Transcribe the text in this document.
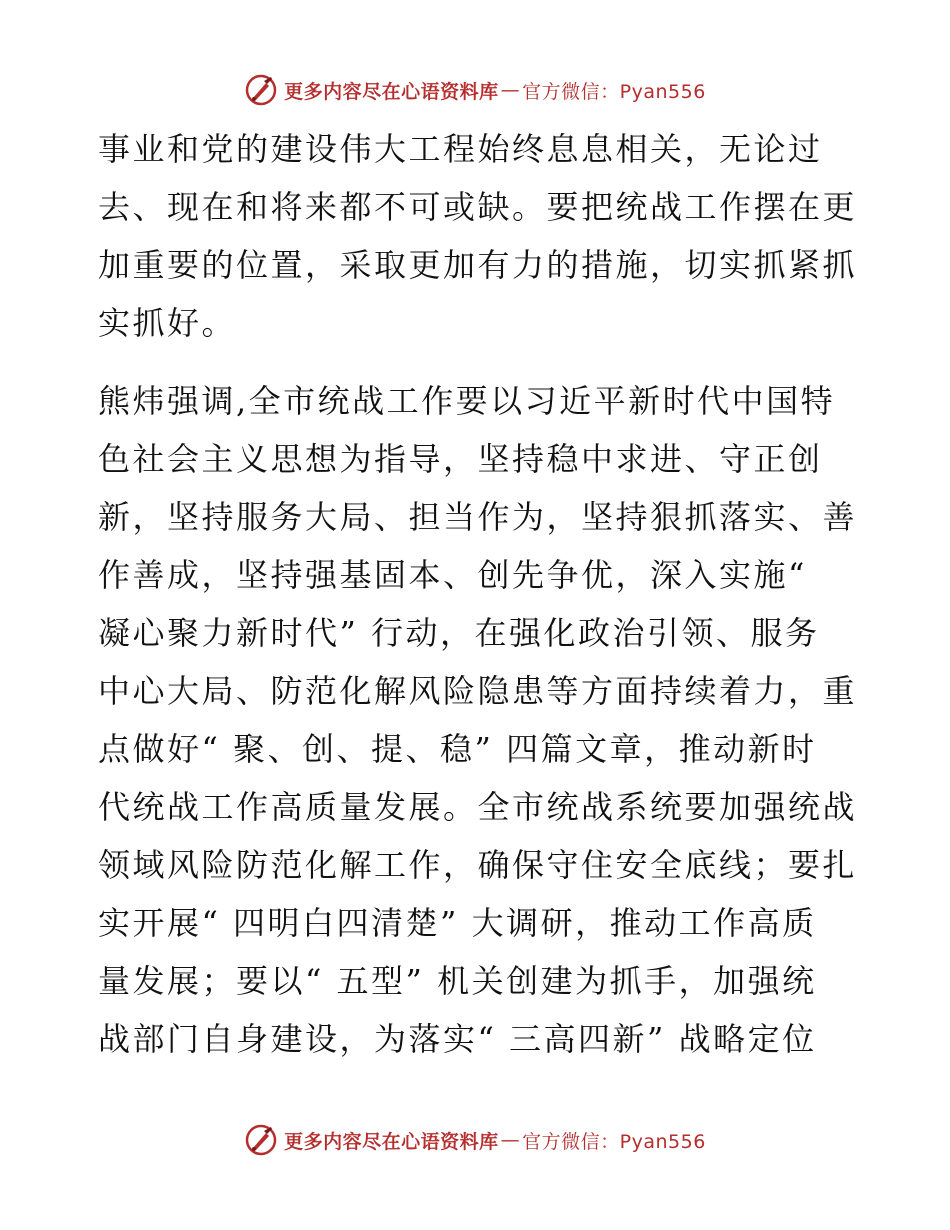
更多内容尽在心语资料库 — 官方微信：Pyan556
事业和党的建设伟大工程始终息息相关，无论过
去、现在和将来都不可或缺。要把统战工作摆在更
加重要的位置，采取更加有力的措施，切实抓紧抓
实抓好。
熊炜强调,全市统战工作要以习近平新时代中国特
色社会主义思想为指导，坚持稳中求进、守正创
新，坚持服务大局、担当作为，坚持狠抓落实、善
作善成，坚持强基固本、创先争优，深入实施“
凝心聚力新时代” 行动，在强化政治引领、服务
中心大局、防范化解风险隐患等方面持续着力，重
点做好“ 聚、创、提、稳” 四篇文章，推动新时
代统战工作高质量发展。全市统战系统要加强统战
领域风险防范化解工作，确保守住安全底线；要扎
实开展“ 四明白四清楚” 大调研，推动工作高质
量发展；要以“ 五型” 机关创建为抓手，加强统
战部门自身建设，为落实“ 三高四新” 战略定位
更多内容尽在心语资料库 — 官方微信：Pyan556
